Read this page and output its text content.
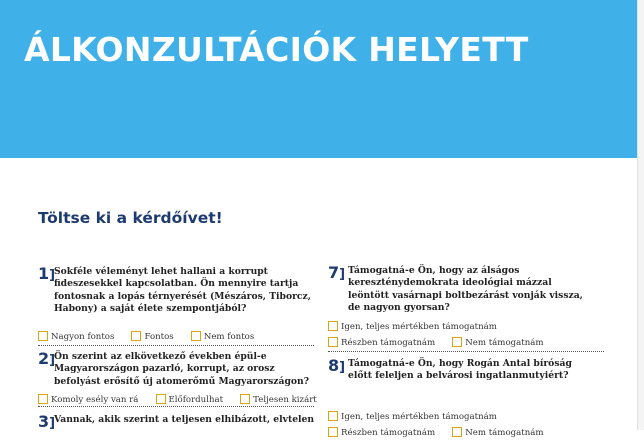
ÁLKONZULTÁCIÓK HELYETT
Töltse ki a kérdőívet!
1]
Sokféle véleményt lehet hallani a korrupt fideszesekkel kapcsolatban. Ön mennyire tartja fontosnak a lopás térnyerését (Mészáros, Tiborcz, Habony) a saját élete szempontjából?
Nagyon fontos	Fontos	Nem fontos
2]
Ön szerint az elkövetkező években épül-e Magyarországon pazarló, korrupt, az orosz befolyást erősítő új atomerőmű Magyarországon?
Komoly esély van rá	Előfordulhat	Teljesen kizárt
3]
Vannak, akik szerint a teljesen elhibázott, elvtelen
7] Támogatná-e Ön, hogy az álságos kereszténydemokrata ideológiai mázzal leöntött vasárnapi boltbezárást vonják vissza, de nagyon gyorsan?
Igen, teljes mértékben támogatnám
Részben támogatnám	Nem támogatnám
8] Támogatná-e Ön, hogy Rogán Antal bíróság előtt feleljen a belvárosi ingatlanmutyiért?
Igen, teljes mértékben támogatnám
Részben támogatnám	Nem támogatnám
